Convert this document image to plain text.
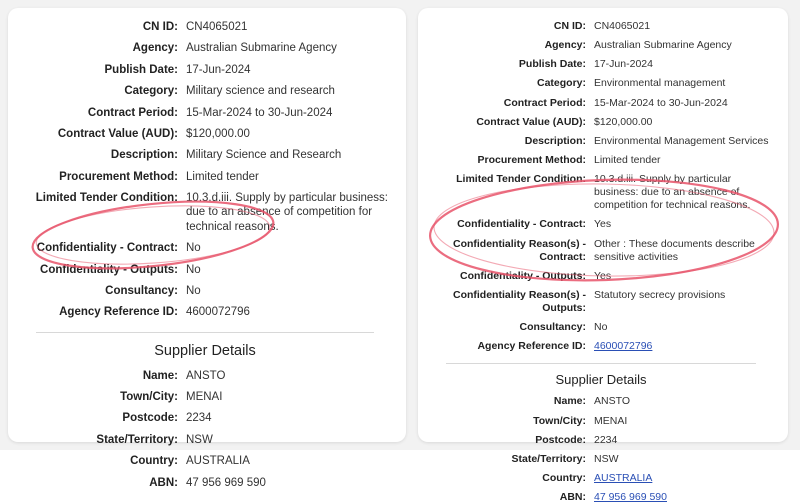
CN ID: CN4065021
Agency: Australian Submarine Agency
Publish Date: 17-Jun-2024
Category: Military science and research
Contract Period: 15-Mar-2024 to 30-Jun-2024
Contract Value (AUD): $120,000.00
Description: Military Science and Research
Procurement Method: Limited tender
Limited Tender Condition: 10.3.d.iii. Supply by particular business: due to an absence of competition for technical reasons.
Confidentiality - Contract: No
Confidentiality - Outputs: No
Consultancy: No
Agency Reference ID: 4600072796
Supplier Details
Name: ANSTO
Town/City: MENAI
Postcode: 2234
State/Territory: NSW
Country: AUSTRALIA
ABN: 47 956 969 590
CN ID: CN4065021
Agency: Australian Submarine Agency
Publish Date: 17-Jun-2024
Category: Environmental management
Contract Period: 15-Mar-2024 to 30-Jun-2024
Contract Value (AUD): $120,000.00
Description: Environmental Management Services
Procurement Method: Limited tender
Limited Tender Condition: 10.3.d.iii. Supply by particular business: due to an absence of competition for technical reasons.
Confidentiality - Contract: Yes
Confidentiality Reason(s) - Contract:
Other : These documents describe sensitive activities
Confidentiality - Outputs: Yes
Confidentiality Reason(s) - Outputs:
Statutory secrecy provisions
Consultancy: No
Agency Reference ID: 4600072796
Supplier Details
Name: ANSTO
Town/City: MENAI
Postcode: 2234
State/Territory: NSW
Country: AUSTRALIA
ABN: 47 956 969 590
